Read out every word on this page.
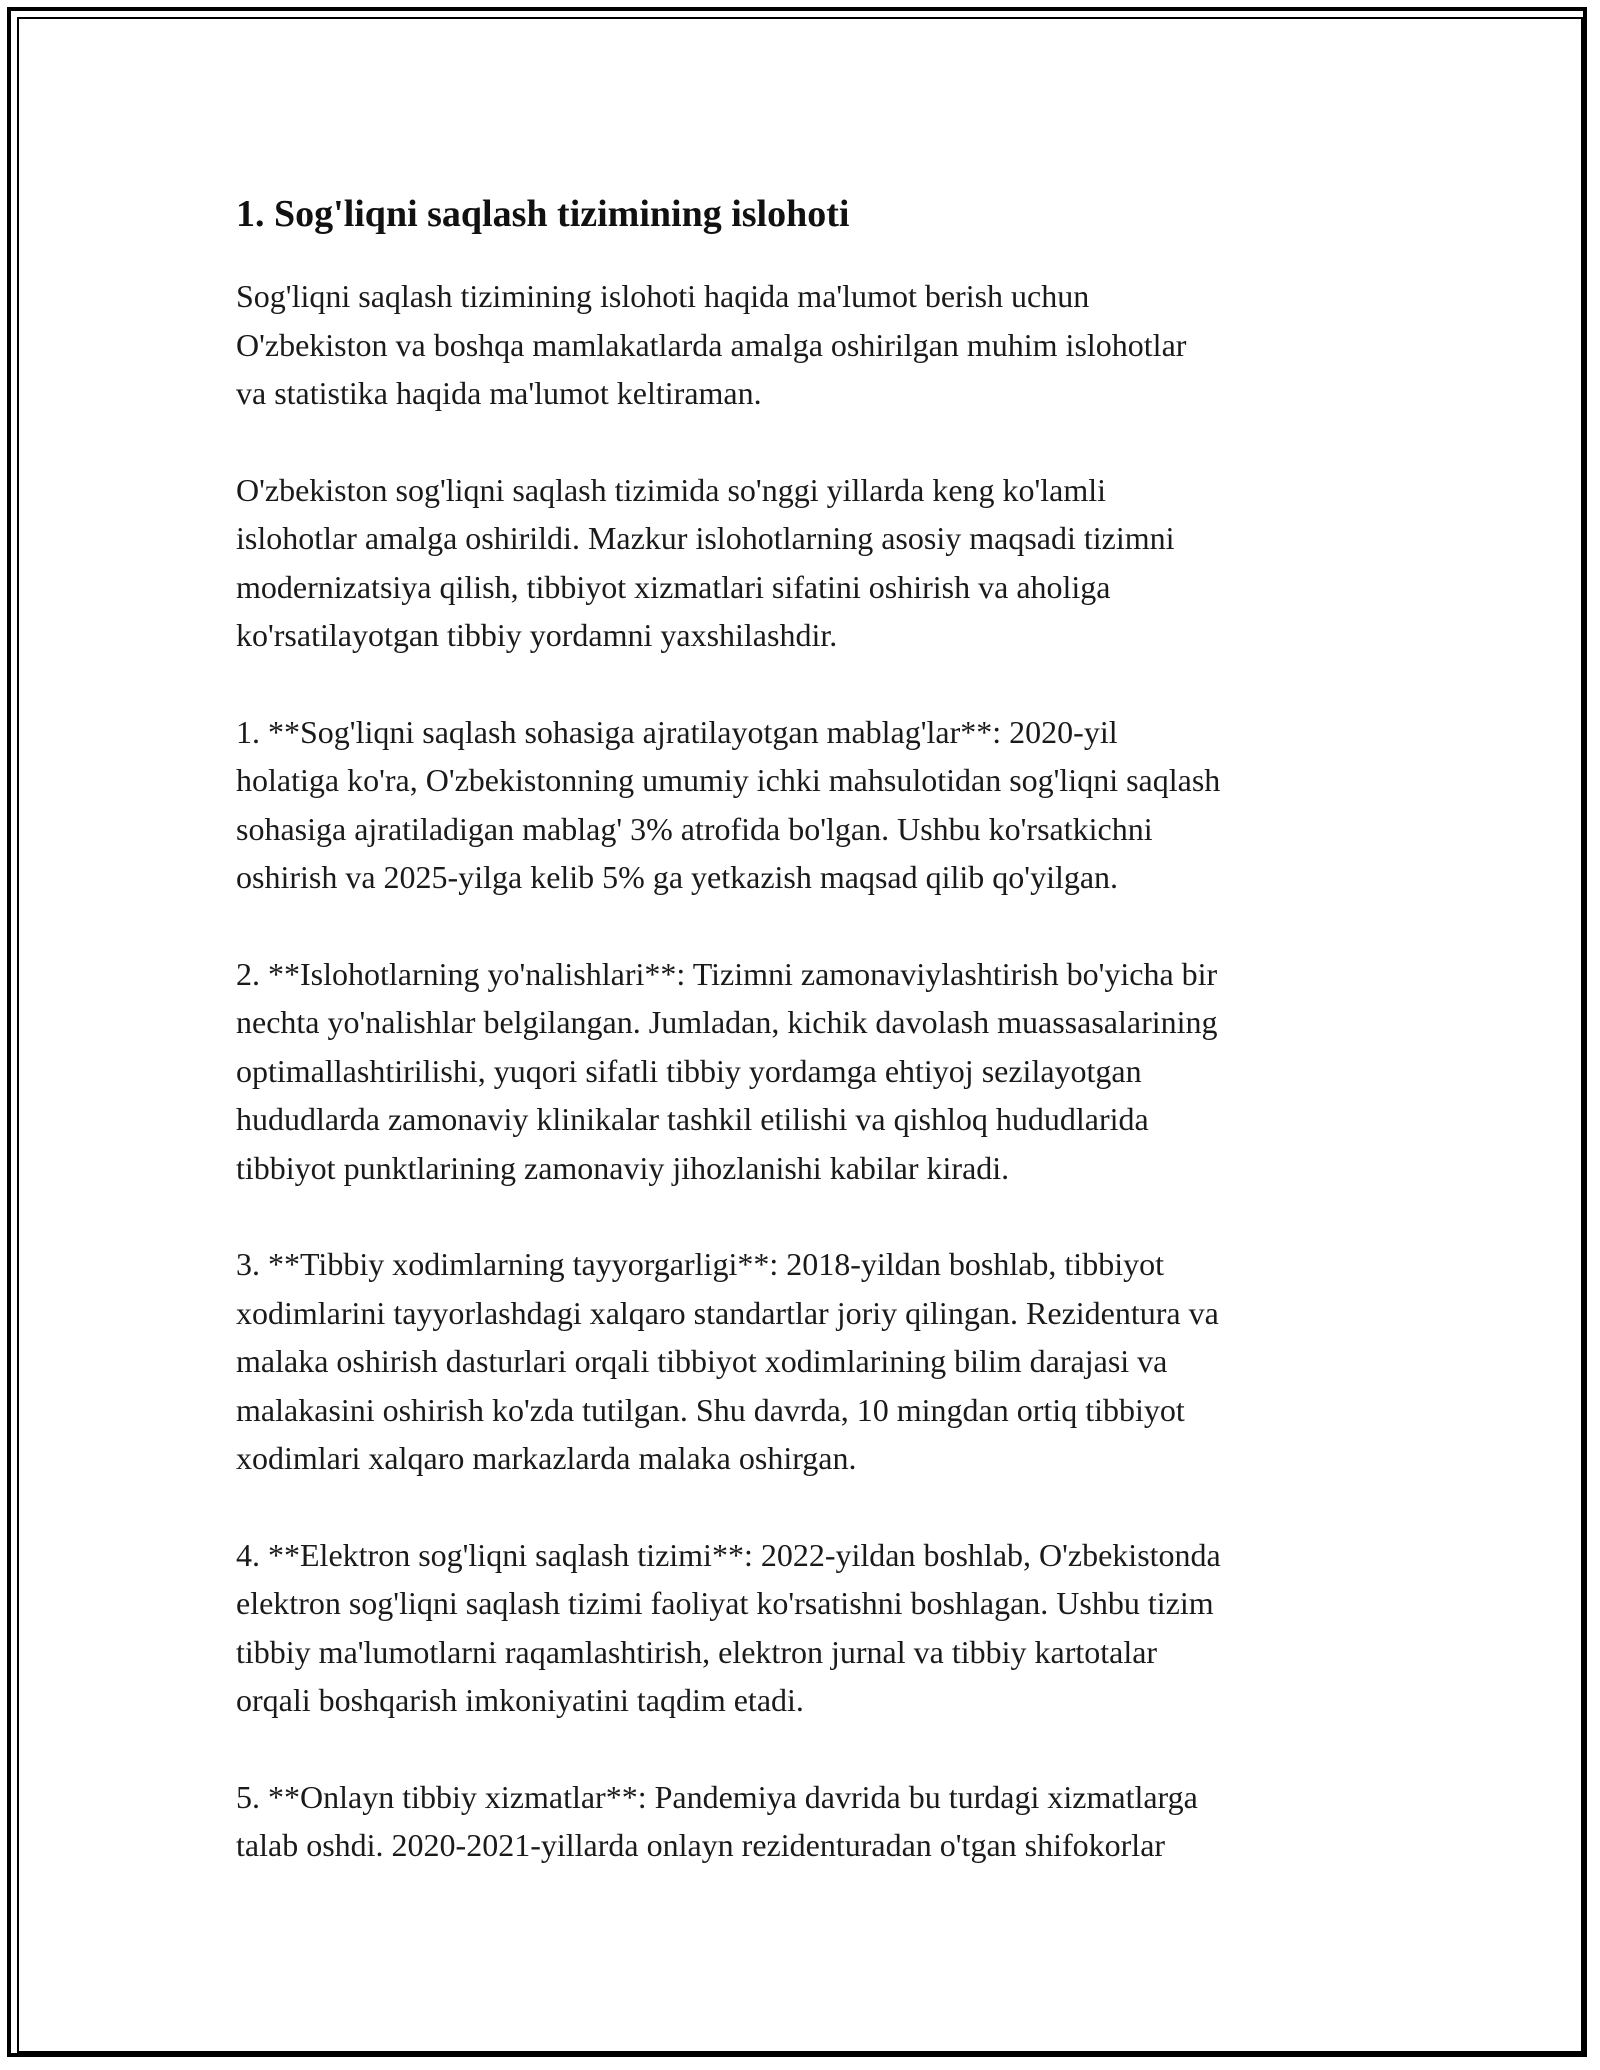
1. Sog'liqni saqlash tizimining islohoti

Sog'liqni saqlash tizimining islohoti haqida ma'lumot berish uchun
O'zbekiston va boshqa mamlakatlarda amalga oshirilgan muhim islohotlar
va statistika haqida ma'lumot keltiraman.

O'zbekiston sog'liqni saqlash tizimida so'nggi yillarda keng ko'lamli
islohotlar amalga oshirildi. Mazkur islohotlarning asosiy maqsadi tizimni
modernizatsiya qilish, tibbiyot xizmatlari sifatini oshirish va aholiga
ko'rsatilayotgan tibbiy yordamni yaxshilashdir.

1. **Sog'liqni saqlash sohasiga ajratilayotgan mablag'lar**: 2020-yil
holatiga ko'ra, O'zbekistonning umumiy ichki mahsulotidan sog'liqni saqlash
sohasiga ajratiladigan mablag' 3% atrofida bo'lgan. Ushbu ko'rsatkichni
oshirish va 2025-yilga kelib 5% ga yetkazish maqsad qilib qo'yilgan.

2. **Islohotlarning yo'nalishlari**: Tizimni zamonaviylashtirish bo'yicha bir
nechta yo'nalishlar belgilangan. Jumladan, kichik davolash muassasalarining
optimallashtirilishi, yuqori sifatli tibbiy yordamga ehtiyoj sezilayotgan
hududlarda zamonaviy klinikalar tashkil etilishi va qishloq hududlarida
tibbiyot punktlarining zamonaviy jihozlanishi kabilar kiradi.

3. **Tibbiy xodimlarning tayyorgarligi**: 2018-yildan boshlab, tibbiyot
xodimlarini tayyorlashdagi xalqaro standartlar joriy qilingan. Rezidentura va
malaka oshirish dasturlari orqali tibbiyot xodimlarining bilim darajasi va
malakasini oshirish ko'zda tutilgan. Shu davrda, 10 mingdan ortiq tibbiyot
xodimlari xalqaro markazlarda malaka oshirgan.

4. **Elektron sog'liqni saqlash tizimi**: 2022-yildan boshlab, O'zbekistonda
elektron sog'liqni saqlash tizimi faoliyat ko'rsatishni boshlagan. Ushbu tizim
tibbiy ma'lumotlarni raqamlashtirish, elektron jurnal va tibbiy kartotalar
orqali boshqarish imkoniyatini taqdim etadi.

5. **Onlayn tibbiy xizmatlar**: Pandemiya davrida bu turdagi xizmatlarga
talab oshdi. 2020-2021-yillarda onlayn rezidenturadan o'tgan shifokorlar
